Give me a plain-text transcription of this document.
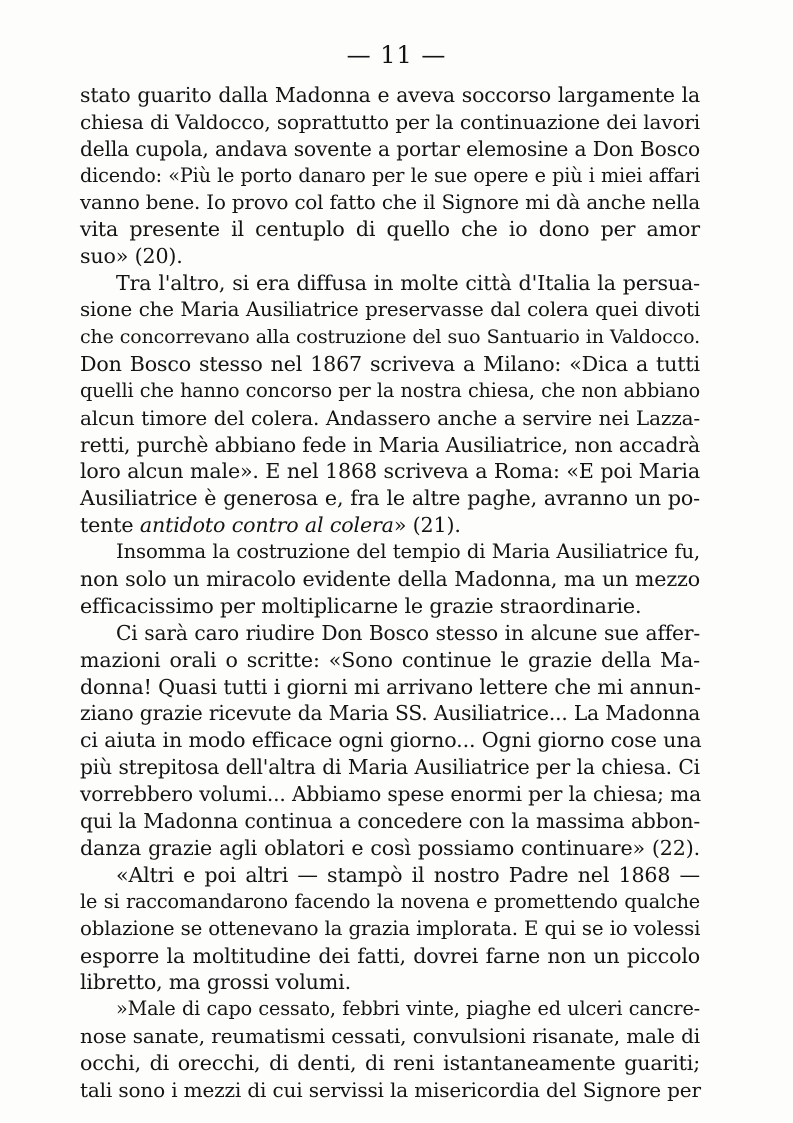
— 11 —
stato guarito dalla Madonna e aveva soccorso largamente la
chiesa di Valdocco, soprattutto per la continuazione dei lavori
della cupola, andava sovente a portar elemosine a Don Bosco
dicendo: «Più le porto danaro per le sue opere e più i miei affari
vanno bene. Io provo col fatto che il Signore mi dà anche nella
vita presente il centuplo di quello che io dono per amor
suo» (20).
Tra l'altro, si era diffusa in molte città d'Italia la persua-
sione che Maria Ausiliatrice preservasse dal colera quei divoti
che concorrevano alla costruzione del suo Santuario in Valdocco.
Don Bosco stesso nel 1867 scriveva a Milano: «Dica a tutti
quelli che hanno concorso per la nostra chiesa, che non abbiano
alcun timore del colera. Andassero anche a servire nei Lazza-
retti, purchè abbiano fede in Maria Ausiliatrice, non accadrà
loro alcun male». E nel 1868 scriveva a Roma: «E poi Maria
Ausiliatrice è generosa e, fra le altre paghe, avranno un po-
tente antidoto contro al colera» (21).
Insomma la costruzione del tempio di Maria Ausiliatrice fu,
non solo un miracolo evidente della Madonna, ma un mezzo
efficacissimo per moltiplicarne le grazie straordinarie.
Ci sarà caro riudire Don Bosco stesso in alcune sue affer-
mazioni orali o scritte: «Sono continue le grazie della Ma-
donna! Quasi tutti i giorni mi arrivano lettere che mi annun-
ziano grazie ricevute da Maria SS. Ausiliatrice... La Madonna
ci aiuta in modo efficace ogni giorno... Ogni giorno cose una
più strepitosa dell'altra di Maria Ausiliatrice per la chiesa. Ci
vorrebbero volumi... Abbiamo spese enormi per la chiesa; ma
qui la Madonna continua a concedere con la massima abbon-
danza grazie agli oblatori e così possiamo continuare» (22).
«Altri e poi altri — stampò il nostro Padre nel 1868 —
le si raccomandarono facendo la novena e promettendo qualche
oblazione se ottenevano la grazia implorata. E qui se io volessi
esporre la moltitudine dei fatti, dovrei farne non un piccolo
libretto, ma grossi volumi.
»Male di capo cessato, febbri vinte, piaghe ed ulceri cancre-
nose sanate, reumatismi cessati, convulsioni risanate, male di
occhi, di orecchi, di denti, di reni istantaneamente guariti;
tali sono i mezzi di cui servissi la misericordia del Signore per
